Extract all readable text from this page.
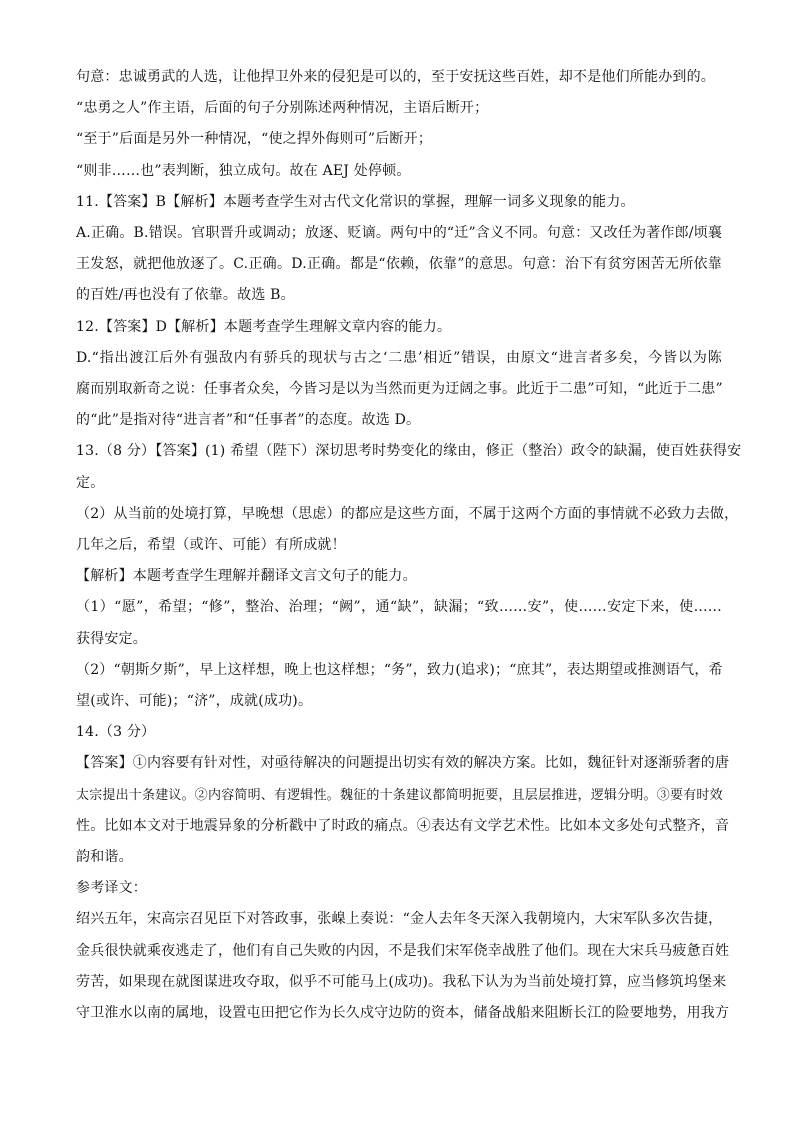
句意：忠诚勇武的人选，让他捍卫外来的侵犯是可以的，至于安抚这些百姓，却不是他们所能办到的。
“忠勇之人”作主语，后面的句子分别陈述两种情况，主语后断开；
“至于”后面是另外一种情况，“使之捍外侮则可”后断开；
“则非……也”表判断，独立成句。故在 AEJ 处停顿。
11.【答案】B【解析】本题考查学生对古代文化常识的掌握，理解一词多义现象的能力。
A.正确。B.错误。官职晋升或调动；放逐、贬谪。两句中的“迁”含义不同。句意：又改任为著作郎/顷襄
王发怒，就把他放逐了。C.正确。D.正确。都是“依赖，依靠”的意思。句意：治下有贫穷困苦无所依靠
的百姓/再也没有了依靠。故选 B。
12.【答案】D【解析】本题考查学生理解文章内容的能力。
D.“指出渡江后外有强敌内有骄兵的现状与古之‘二患’相近”错误，由原文“进言者多矣，今皆以为陈
腐而别取新奇之说：任事者众矣，今皆习是以为当然而更为迂阔之事。此近于二患”可知，“此近于二患”
的“此”是指对待“进言者”和“任事者”的态度。故选 D。
13.（8 分）【答案】(1) 希望（陛下）深切思考时势变化的缘由，修正（整治）政令的缺漏，使百姓获得安
定。
（2）从当前的处境打算，早晚想（思虑）的都应是这些方面，不属于这两个方面的事情就不必致力去做，
几年之后，希望（或许、可能）有所成就！
【解析】本题考查学生理解并翻译文言文句子的能力。
（1）“愿”，希望；“修”，整治、治理；“阙”，通“缺”，缺漏；“致……安”，使……安定下来，使……
获得安定。
（2）“朝斯夕斯”，早上这样想，晚上也这样想；“务”，致力(追求)；“庶其”，表达期望或推测语气，希
望(或许、可能)；“济”，成就(成功)。
14.（3 分）
【答案】①内容要有针对性，对亟待解决的问题提出切实有效的解决方案。比如，魏征针对逐渐骄奢的唐
太宗提出十条建议。②内容简明、有逻辑性。魏征的十条建议都简明扼要，且层层推进，逻辑分明。③要有时效
性。比如本文对于地震异象的分析戳中了时政的痛点。④表达有文学艺术性。比如本文多处句式整齐，音
韵和谐。
参考译文：
绍兴五年，宋高宗召见臣下对答政事，张嵲上奏说：“金人去年冬天深入我朝境内，大宋军队多次告捷，
金兵很快就乘夜逃走了，他们有自己失败的内因，不是我们宋军侥幸战胜了他们。现在大宋兵马疲惫百姓
劳苦，如果现在就图谋进攻夺取，似乎不可能马上(成功)。我私下认为为当前处境打算，应当修筑坞堡来
守卫淮水以南的属地，设置屯田把它作为长久戍守边防的资本，储备战船来阻断长江的险要地势，用我方
